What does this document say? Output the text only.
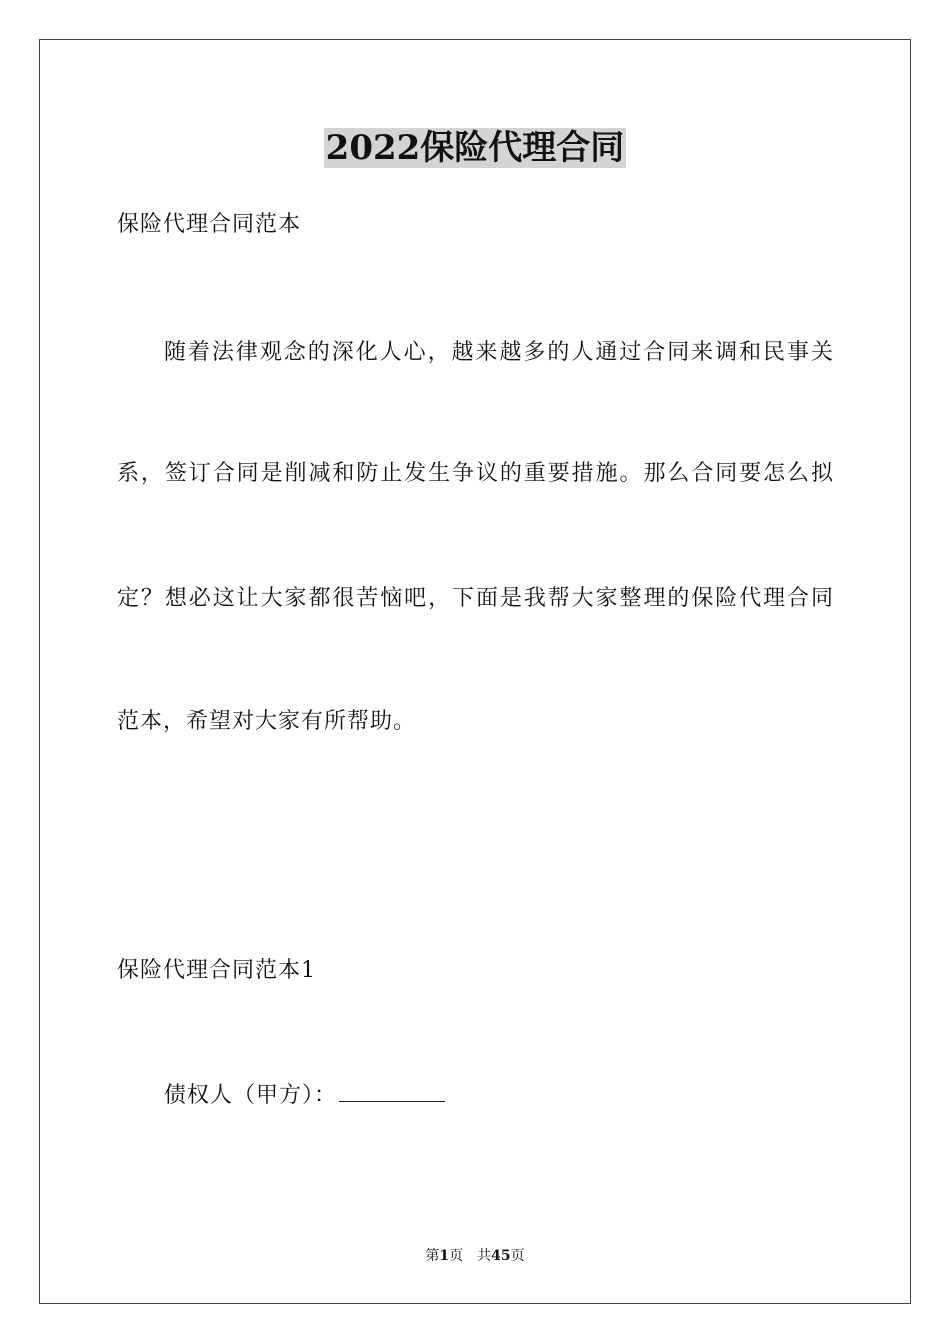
2022保险代理合同
保险代理合同范本
随着法律观念的深化人心，越来越多的人通过合同来调和民事关
系，签订合同是削减和防止发生争议的重要措施。那么合同要怎么拟
定？想必这让大家都很苦恼吧，下面是我帮大家整理的保险代理合同
范本，希望对大家有所帮助。
保险代理合同范本1
债权人（甲方）：
第1页 共45页
